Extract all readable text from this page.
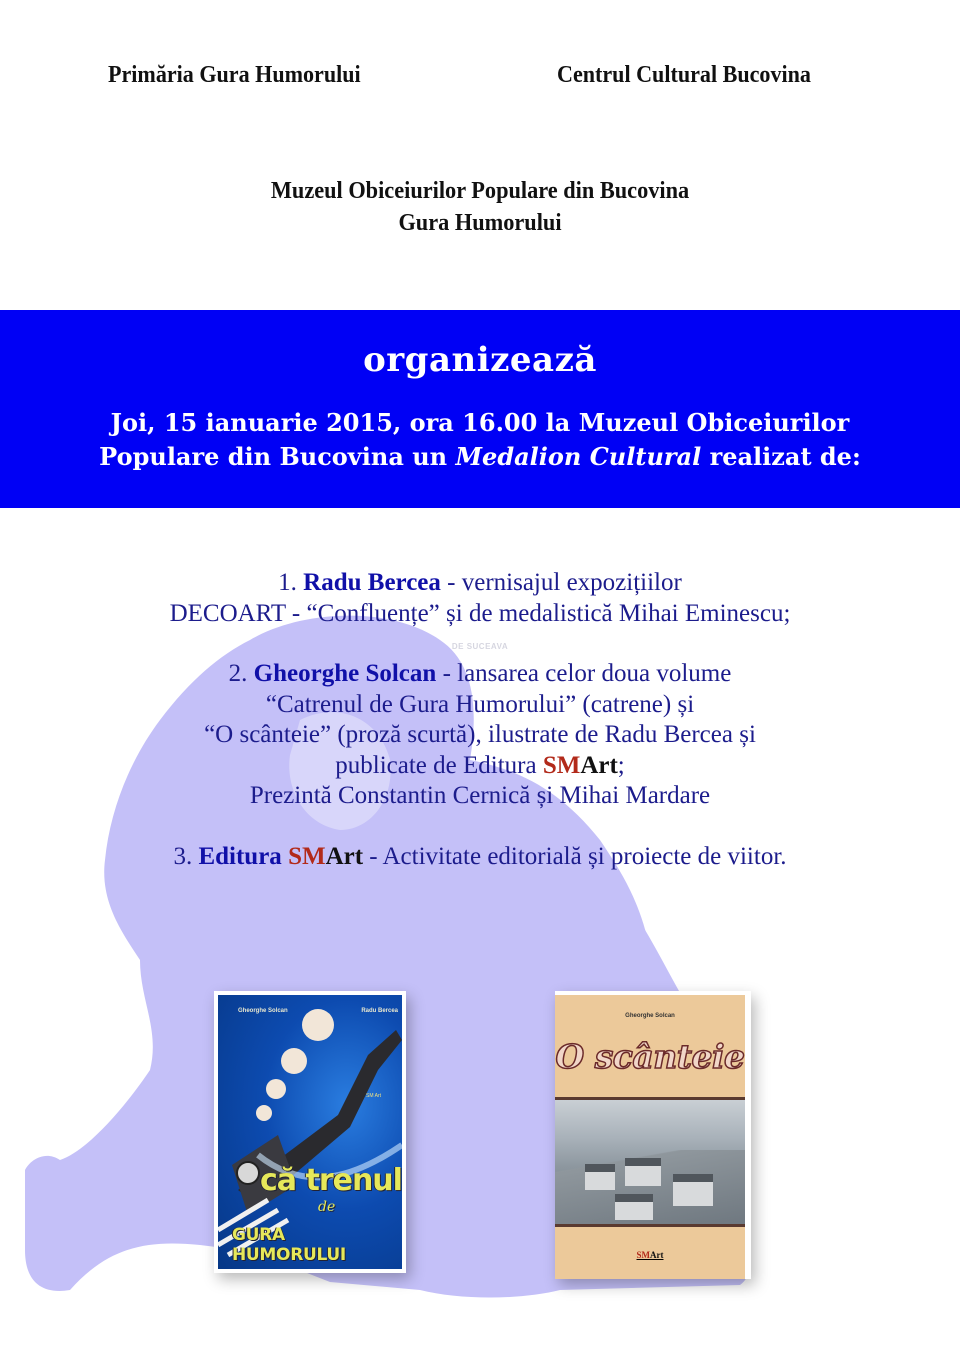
Primăria Gura Humorului	Centrul Cultural Bucovina
Muzeul Obiceiurilor Populare din Bucovina
Gura Humorului
organizează
Joi, 15 ianuarie 2015, ora 16.00 la Muzeul Obiceiurilor
Populare din Bucovina un Medalion Cultural realizat de:
DE SUCEAVA
1. Radu Bercea - vernisajul expozițiilor
DECOART - “Confluențe” și de medalistică Mihai Eminescu;
2. Gheorghe Solcan - lansarea celor doua volume
“Catrenul de Gura Humorului” (catrene) și
“O scânteie” (proză scurtă), ilustrate de Radu Bercea și
publicate de Editura SMArt;
Prezintă Constantin Cernică și Mihai Mardare
3. Editura SMArt - Activitate editorială și proiecte de viitor.
Gheorghe Solcan	Radu Bercea
SM Art
că trenul
de
GURA HUMORULUI
Gheorghe Solcan
O scânteie
SMArt
